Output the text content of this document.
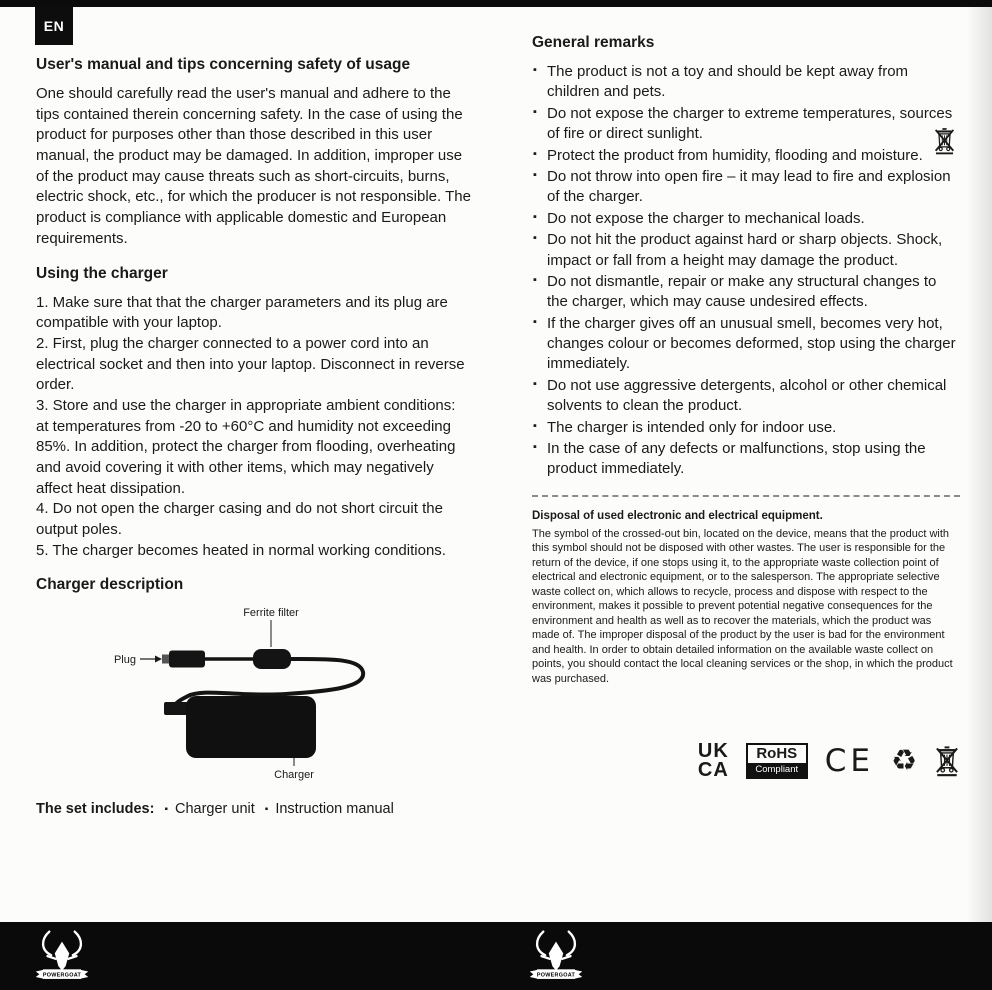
EN
User's manual and tips concerning safety of usage

One should carefully read the user's manual and adhere to the tips contained therein concerning safety. In the case of using the product for purposes other than those described in this user manual, the product may be damaged. In addition, improper use of the product may cause threats such as short-circuits, burns, electric shock, etc., for which the producer is not responsible. The product is compliance with applicable domestic and European requirements.

Using the charger

1. Make sure that that the charger parameters and its plug are compatible with your laptop.

2. First, plug the charger connected to a power cord into an electrical socket and then into your laptop. Disconnect in reverse order.

3. Store and use the charger in appropriate ambient conditions: at temperatures from -20 to +60°C and humidity not exceeding 85%. In addition, protect the charger from flooding, overheating and avoid covering it with other items, which may negatively affect heat dissipation.

4. Do not open the charger casing and do not short circuit the output poles.

5. The charger becomes heated in normal working conditions.

Charger description
Ferrite filter
Plug
Charger
The set includes: ▪ Charger unit ▪ Instruction manual
General remarks
▪ The product is not a toy and should be kept away from children and pets.
▪ Do not expose the charger to extreme temperatures, sources of fire or direct sunlight.
▪ Protect the product from humidity, flooding and moisture.
▪ Do not throw into open fire – it may lead to fire and explosion of the charger.
▪ Do not expose the charger to mechanical loads.
▪ Do not hit the product against hard or sharp objects. Shock, impact or fall from a height may damage the product.
▪ Do not dismantle, repair or make any structural changes to the charger, which may cause undesired effects.
▪ If the charger gives off an unusual smell, becomes very hot, changes colour or becomes deformed, stop using the charger immediately.
▪ Do not use aggressive detergents, alcohol or other chemical solvents to clean the product.
▪ The charger is intended only for indoor use.
▪ In the case of any defects or malfunctions, stop using the product immediately.

Disposal of used electronic and electrical equipment.

The symbol of the crossed-out bin, located on the device, means that the product with this symbol should not be disposed with other wastes. The user is responsible for the return of the device, if one stops using it, to the appropriate waste collection point of electrical and electronic equipment, or to the salesperson. The appropriate selective waste collect on, which allows to recycle, process and dispose with respect to the environment, makes it possible to prevent potential negative consequences for the environment and health as well as to recover the materials, which the product was made of. The improper disposal of the product by the user is bad for the environment and health. In order to obtain detailed information on the available waste collect on points, you should contact the local cleaning services or the shop, in which the product was purchased.

UK
CA
RoHS
Compliant CE ♻
